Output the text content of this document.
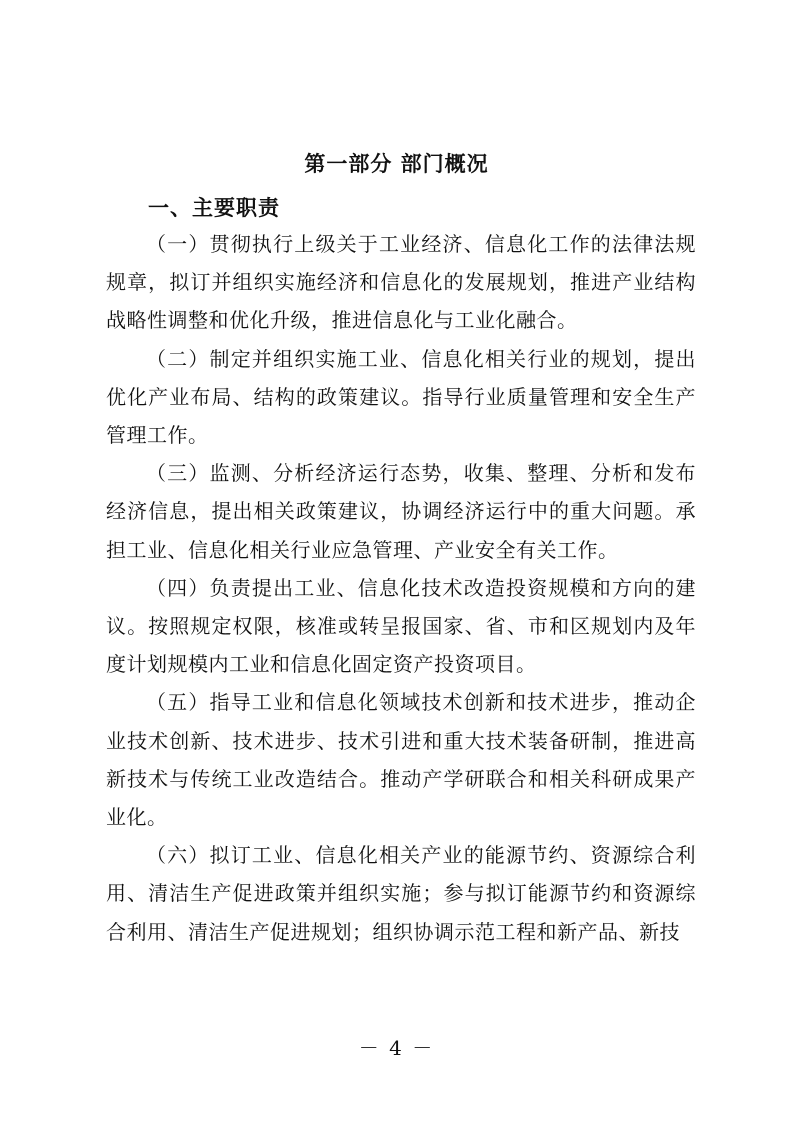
第一部分 部门概况
一、主要职责

（一）贯彻执行上级关于工业经济、信息化工作的法律法规规章，拟订并组织实施经济和信息化的发展规划，推进产业结构战略性调整和优化升级，推进信息化与工业化融合。

（二）制定并组织实施工业、信息化相关行业的规划，提出优化产业布局、结构的政策建议。指导行业质量管理和安全生产管理工作。

（三）监测、分析经济运行态势，收集、整理、分析和发布经济信息，提出相关政策建议，协调经济运行中的重大问题。承担工业、信息化相关行业应急管理、产业安全有关工作。

（四）负责提出工业、信息化技术改造投资规模和方向的建议。按照规定权限，核准或转呈报国家、省、市和区规划内及年度计划规模内工业和信息化固定资产投资项目。

（五）指导工业和信息化领域技术创新和技术进步，推动企业技术创新、技术进步、技术引进和重大技术装备研制，推进高新技术与传统工业改造结合。推动产学研联合和相关科研成果产业化。

（六）拟订工业、信息化相关产业的能源节约、资源综合利用、清洁生产促进政策并组织实施；参与拟订能源节约和资源综合利用、清洁生产促进规划；组织协调示范工程和新产品、新技

－ 4 －
